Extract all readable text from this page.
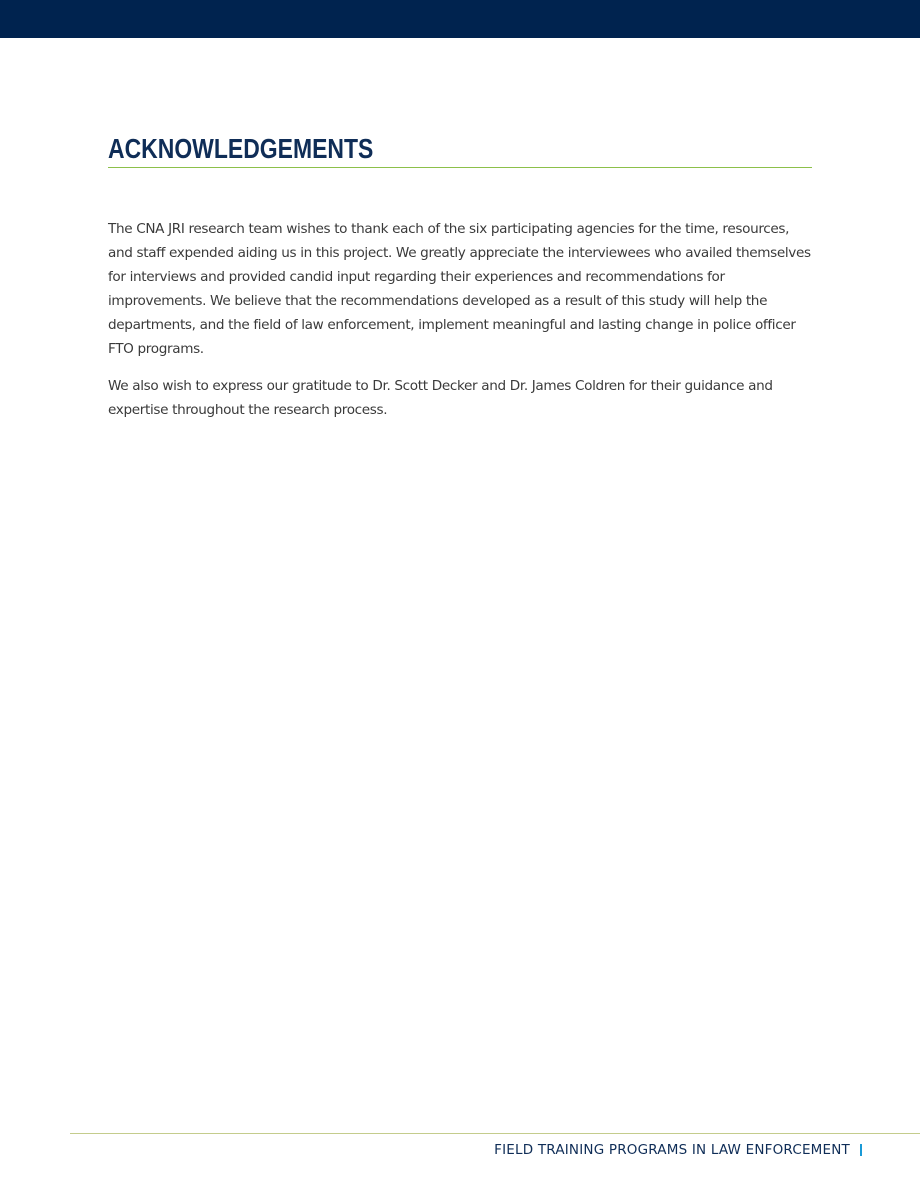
ACKNOWLEDGEMENTS

The CNA JRI research team wishes to thank each of the six participating agencies for the time, resources, and staff expended aiding us in this project. We greatly appreciate the interviewees who availed themselves for interviews and provided candid input regarding their experiences and recommendations for improvements. We believe that the recommendations developed as a result of this study will help the departments, and the field of law enforcement, implement meaningful and lasting change in police officer FTO programs.

We also wish to express our gratitude to Dr. Scott Decker and Dr. James Coldren for their guidance and expertise throughout the research process.

FIELD TRAINING PROGRAMS IN LAW ENFORCEMENT
